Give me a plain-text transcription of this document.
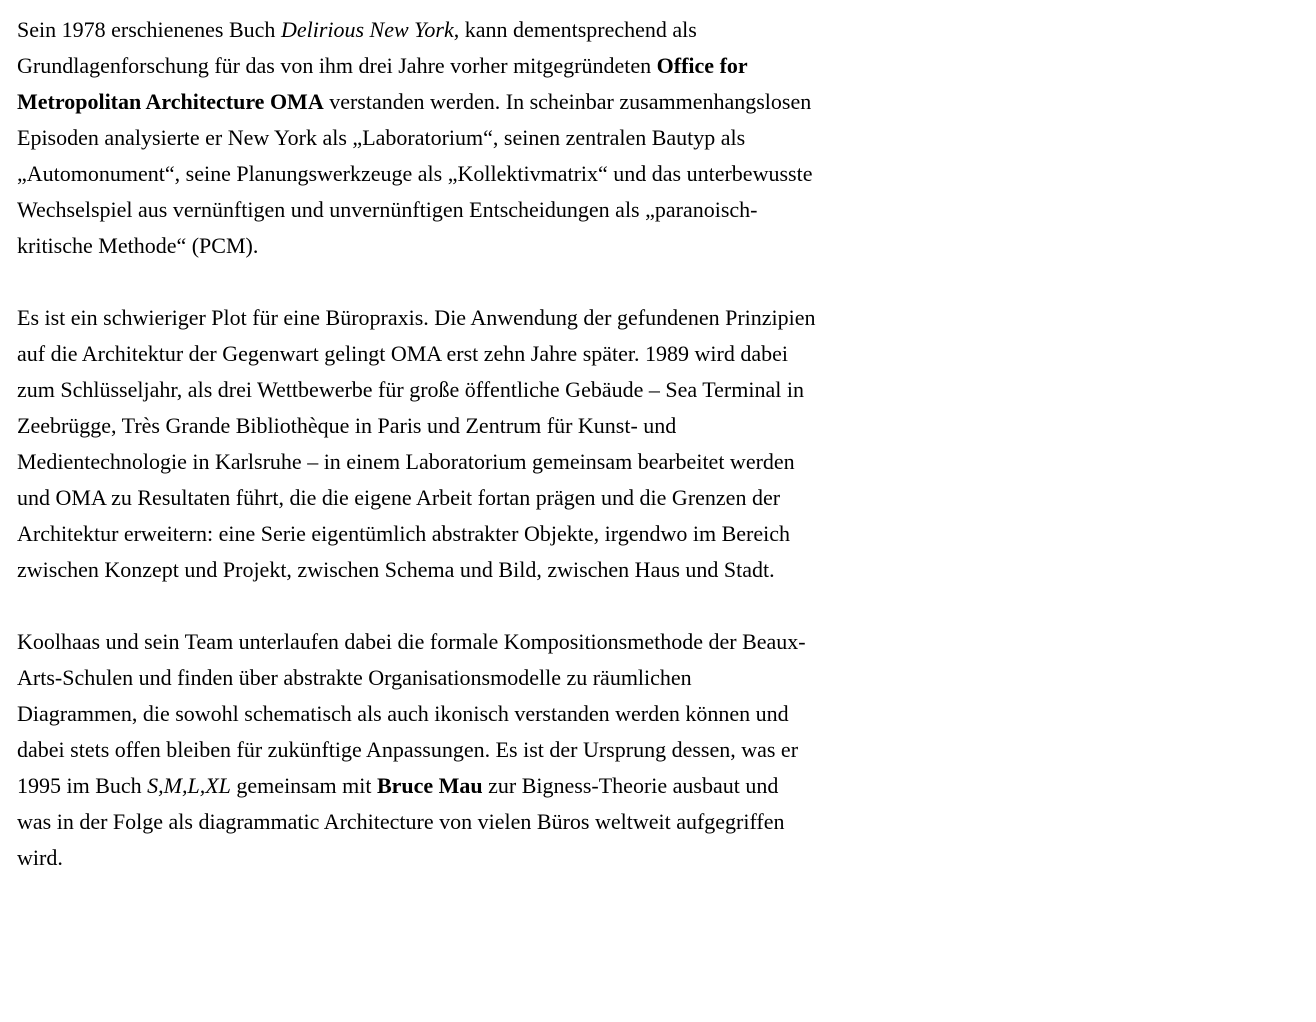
Sein 1978 erschienenes Buch Delirious New York, kann dementsprechend als Grundlagenforschung für das von ihm drei Jahre vorher mitgegründeten Office for Metropolitan Architecture OMA verstanden werden. In scheinbar zusammenhangslosen Episoden analysierte er New York als „Laboratorium“, seinen zentralen Bautyp als „Automonument“, seine Planungswerkzeuge als „Kollektivmatrix“ und das unterbewusste Wechselspiel aus vernünftigen und unvernünftigen Entscheidungen als „paranoisch-kritische Methode“ (PCM).

Es ist ein schwieriger Plot für eine Büropraxis. Die Anwendung der gefundenen Prinzipien auf die Architektur der Gegenwart gelingt OMA erst zehn Jahre später. 1989 wird dabei zum Schlüsseljahr, als drei Wettbewerbe für große öffentliche Gebäude – Sea Terminal in Zeebrügge, Très Grande Bibliothèque in Paris und Zentrum für Kunst- und Medientechnologie in Karlsruhe – in einem Laboratorium gemeinsam bearbeitet werden und OMA zu Resultaten führt, die die eigene Arbeit fortan prägen und die Grenzen der Architektur erweitern: eine Serie eigentümlich abstrakter Objekte, irgendwo im Bereich zwischen Konzept und Projekt, zwischen Schema und Bild, zwischen Haus und Stadt.

Koolhaas und sein Team unterlaufen dabei die formale Kompositionsmethode der Beaux-Arts-Schulen und finden über abstrakte Organisationsmodelle zu räumlichen Diagrammen, die sowohl schematisch als auch ikonisch verstanden werden können und dabei stets offen bleiben für zukünftige Anpassungen. Es ist der Ursprung dessen, was er 1995 im Buch S,M,L,XL gemeinsam mit Bruce Mau zur Bigness-Theorie ausbaut und was in der Folge als diagrammatic Architecture von vielen Büros weltweit aufgegriffen wird.
